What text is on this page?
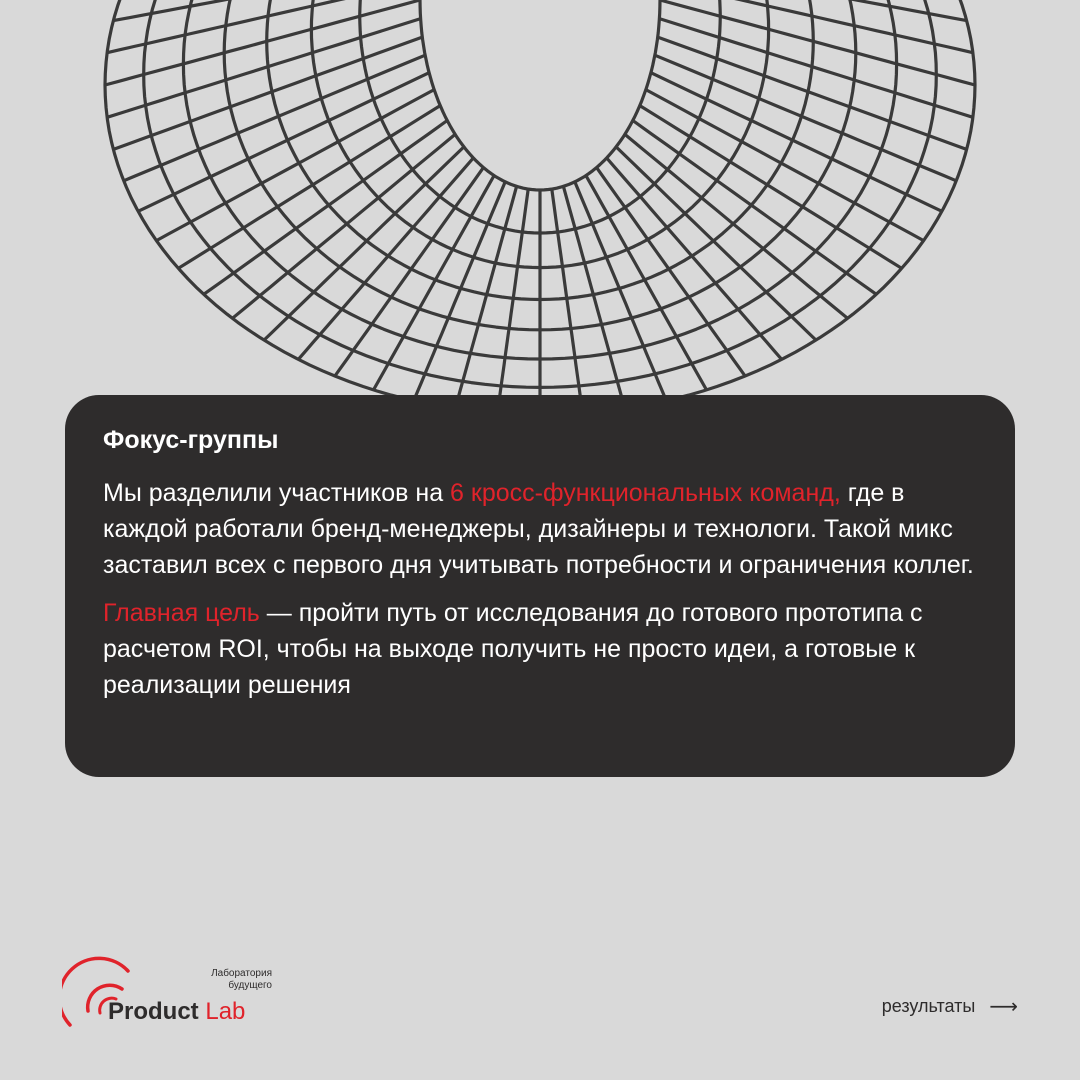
Фокус-группы

Мы разделили участников на 6 кросс-функциональных команд, где в каждой работали бренд-менеджеры, дизайнеры и технологи. Такой микс заставил всех с первого дня учитывать потребности и ограничения коллег.

Главная цель — пройти путь от исследования до готового прототипа с расчетом ROI, чтобы на выходе получить не просто идеи, а готовые к реализации решения

Лаборатория
будущего
Product Lab	результаты ⟶
